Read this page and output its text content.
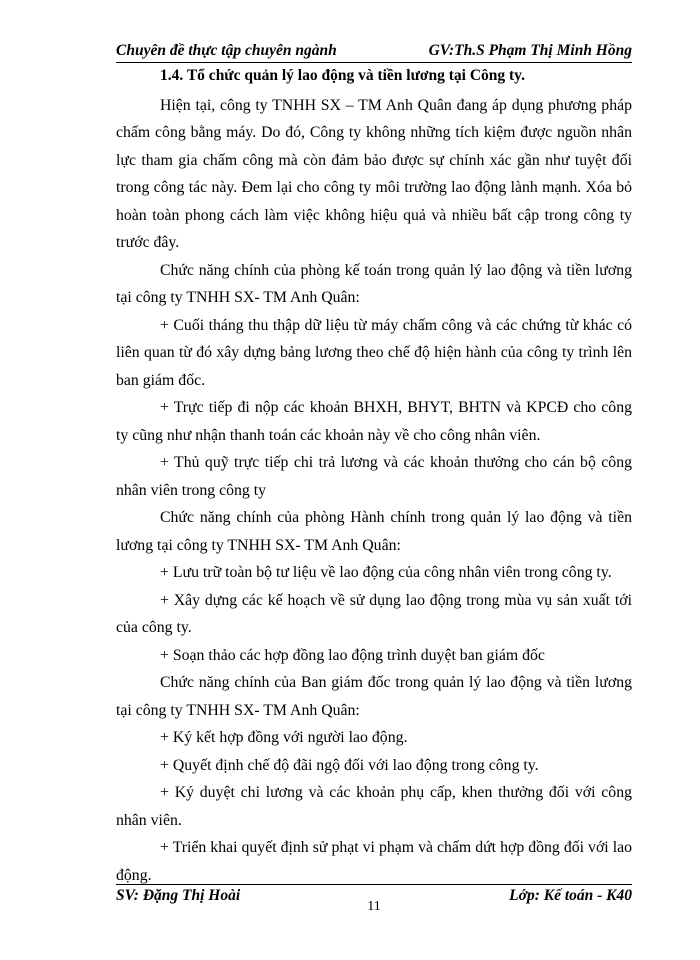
Chuyên đề thực tập chuyên ngành	GV:Th.S Phạm Thị Minh Hồng

1.4. Tổ chức quản lý lao động và tiền lương tại Công ty.

Hiện tại, công ty TNHH SX – TM Anh Quân đang áp dụng phương pháp chấm công bằng máy. Do đó, Công ty không những tích kiệm được nguồn nhân lực tham gia chấm công mà còn đảm bảo được sự chính xác gần như tuyệt đối trong công tác này. Đem lại cho công ty môi trường lao động lành mạnh. Xóa bỏ hoàn toàn phong cách làm việc không hiệu quả và nhiều bất cập trong công ty trước đây.

Chức năng chính của phòng kế toán trong quản lý lao động và tiền lương tại công ty TNHH SX- TM Anh Quân:

+ Cuối tháng thu thập dữ liệu từ máy chấm công và các chứng từ khác có liên quan từ đó xây dựng bảng lương theo chế độ hiện hành của công ty trình lên ban giám đốc.

+ Trực tiếp đi nộp các khoản BHXH, BHYT, BHTN và KPCĐ cho công ty cũng như nhận thanh toán các khoản này về cho công nhân viên.

+ Thủ quỹ trực tiếp chi trả lương và các khoản thưởng cho cán bộ công nhân viên trong công ty

Chức năng chính của phòng Hành chính trong quản lý lao động và tiền lương tại công ty TNHH SX- TM Anh Quân:

+ Lưu trữ toàn bộ tư liệu về lao động của công nhân viên trong công ty.

+ Xây dựng các kế hoạch về sử dụng lao động trong mùa vụ sản xuất tới của công ty.

+ Soạn thảo các hợp đồng lao động trình duyệt ban giám đốc

Chức năng chính của Ban giám đốc trong quản lý lao động và tiền lương tại công ty TNHH SX- TM Anh Quân:

+ Ký kết hợp đồng với người lao động.

+ Quyết định chế độ đãi ngộ đối với lao động trong công ty.

+ Ký duyệt chi lương và các khoản phụ cấp, khen thưởng đối với công nhân viên.

+ Triển khai quyết định sử phạt vi phạm và chấm dứt hợp đồng đối với lao động.

SV: Đặng Thị Hoài
11
Lớp: Kế toán - K40
